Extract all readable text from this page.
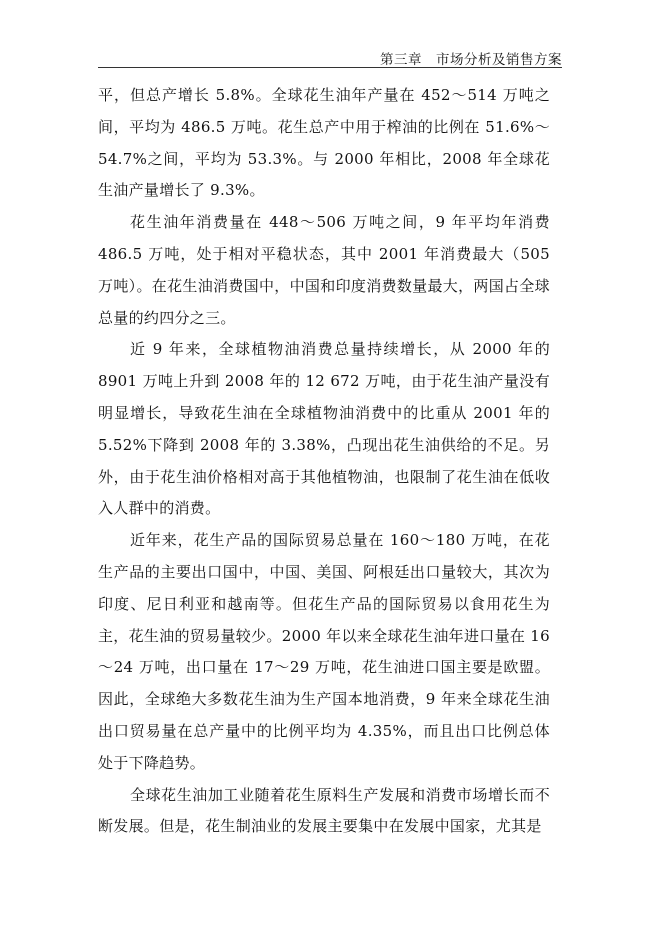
第三章　市场分析及销售方案

平，但总产增长 5.8%。全球花生油年产量在 452～514 万吨之间，平均为 486.5 万吨。花生总产中用于榨油的比例在 51.6%～　54.7%之间，平均为 53.3%。与 2000 年相比，2008 年全球花生油产量增长了 9.3%。

花生油年消费量在 448～506 万吨之间，9 年平均年消费 486.5 万吨，处于相对平稳状态，其中 2001 年消费最大（505 万吨）。在花生油消费国中，中国和印度消费数量最大，两国占全球总量的约四分之三。

近 9 年来，全球植物油消费总量持续增长，从 2000 年的 8901 万吨上升到 2008 年的 12 672 万吨，由于花生油产量没有明显增长，导致花生油在全球植物油消费中的比重从 2001 年的 5.52%下降到 2008 年的 3.38%，凸现出花生油供给的不足。另外，由于花生油价格相对高于其他植物油，也限制了花生油在低收入人群中的消费。

近年来，花生产品的国际贸易总量在 160～180 万吨，在花生产品的主要出口国中，中国、美国、阿根廷出口量较大，其次为印度、尼日利亚和越南等。但花生产品的国际贸易以食用花生为主，花生油的贸易量较少。2000 年以来全球花生油年进口量在 16～24 万吨，出口量在 17～29 万吨，花生油进口国主要是欧盟。因此，全球绝大多数花生油为生产国本地消费，9 年来全球花生油出口贸易量在总产量中的比例平均为 4.35%，而且出口比例总体处于下降趋势。

全球花生油加工业随着花生原料生产发展和消费市场增长而不断发展。但是，花生制油业的发展主要集中在发展中国家，尤其是
